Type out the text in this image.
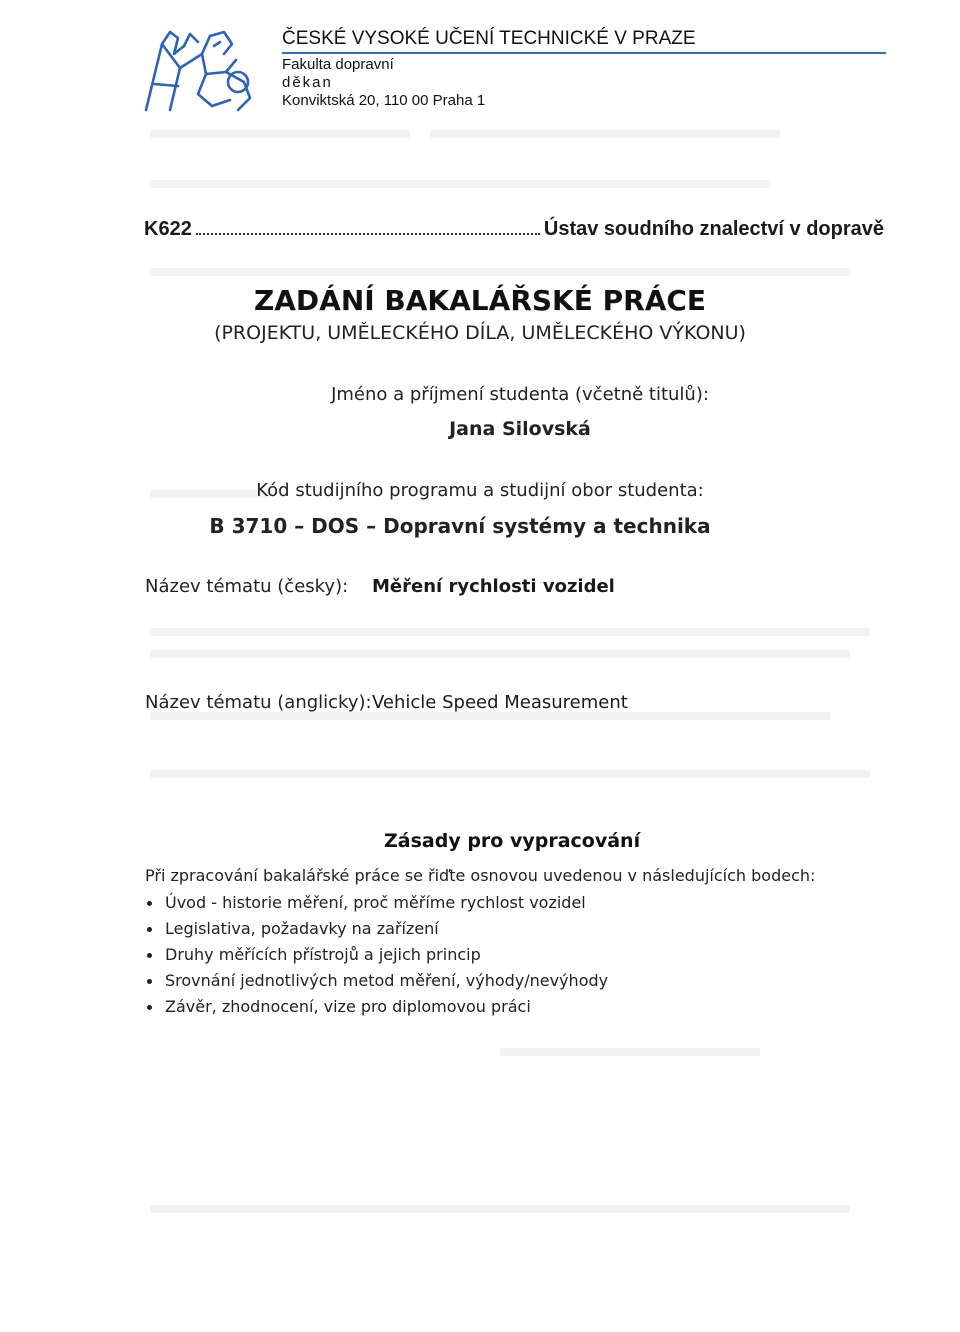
ČESKÉ VYSOKÉ UČENÍ TECHNICKÉ V PRAZE
Fakulta dopravní
děkan
Konviktská 20, 110 00 Praha 1
K622	Ústav soudního znalectví v dopravě
ZADÁNÍ BAKALÁŘSKÉ PRÁCE
(PROJEKTU, UMĚLECKÉHO DÍLA, UMĚLECKÉHO VÝKONU)
Jméno a příjmení studenta (včetně titulů):
Jana Silovská
Kód studijního programu a studijní obor studenta:
B 3710 – DOS – Dopravní systémy a technika
Název tématu (česky): Měření rychlosti vozidel
Název tématu (anglicky): Vehicle Speed Measurement
Zásady pro vypracování
Při zpracování bakalářské práce se řiďte osnovou uvedenou v následujících bodech:
Úvod - historie měření, proč měříme rychlost vozidel
Legislativa, požadavky na zařízení
Druhy měřících přístrojů a jejich princip
Srovnání jednotlivých metod měření, výhody/nevýhody
Závěr, zhodnocení, vize pro diplomovou práci
